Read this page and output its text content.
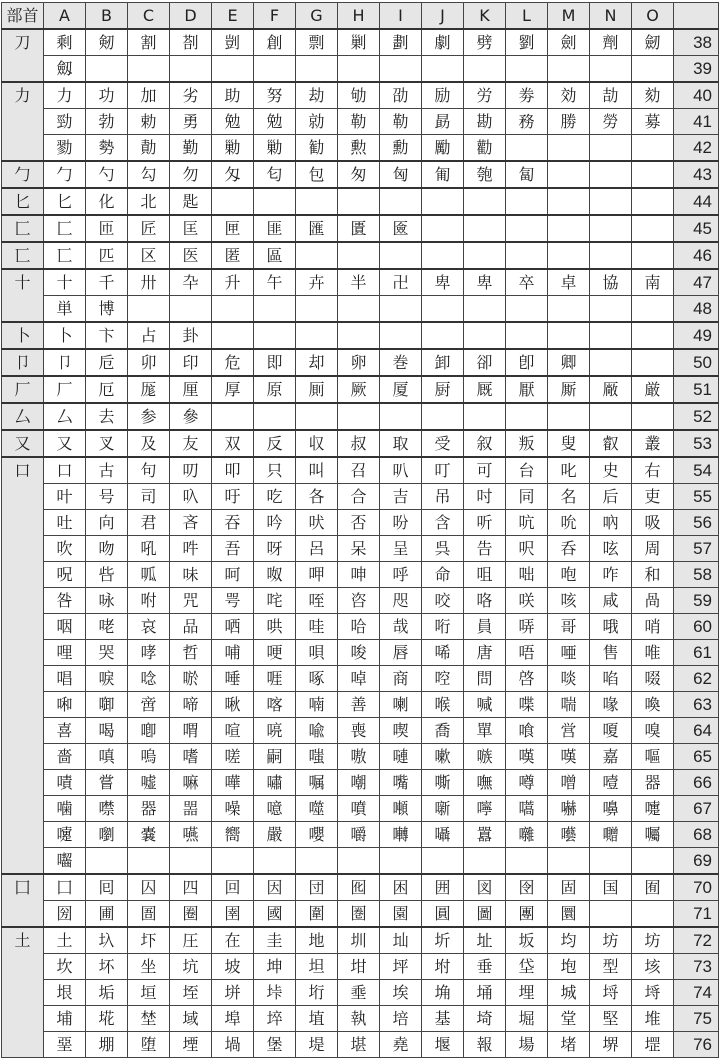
部首	A	B	C	D	E	F	G	H	I	J	K	L	M	N	O	
刀	剩	剱	割	剳	剴	創	剽	剿	劃	劇	劈	劉	劍	劑	劒	38
	劔															39
力	力	功	加	劣	助	努	劫	劬	劭	励	労	劵	効	劼	劾	40
	勁	勃	勅	勇	勉	勉	勍	勒	勒	勗	勘	務	勝	勞	募	41
	勠	勢	勣	勤	勦	勦	勧	勲	勳	勵	勸					42
勹	勹	勺	勾	勿	匁	匂	包	匆	匈	匍	匏	匐				43
匕	匕	化	北	匙												44
匚	匚	匝	匠	匡	匣	匪	匯	匱	匳							45
匸	匸	匹	区	医	匿	區										46
十	十	千	卅	卆	升	午	卉	半	卍	卑	卑	卒	卓	協	南	47
	単	博														48
卜	卜	卞	占	卦												49
卩	卩	卮	卯	印	危	即	却	卵	巻	卸	卻	卽	卿			50
厂	厂	厄	厖	厘	厚	原	厠	厥	厦	厨	厩	厭	厮	厰	厳	51
厶	厶	去	参	參												52
又	又	叉	及	友	双	反	収	叔	取	受	叙	叛	叟	叡	叢	53
口	口	古	句	叨	叩	只	叫	召	叭	叮	可	台	叱	史	右	54
	叶	号	司	叺	吁	吃	各	合	吉	吊	吋	同	名	后	吏	55
	吐	向	君	吝	吞	吟	吠	否	吩	含	听	吭	吮	吶	吸	56
	吹	吻	吼	吽	吾	呀	呂	呆	呈	呉	告	呎	呑	呟	周	57
	呪	呰	呱	味	呵	呶	呷	呻	呼	命	咀	咄	咆	咋	和	58
	咎	咏	咐	咒	咢	咤	咥	咨	咫	咬	咯	咲	咳	咸	咼	59
	咽	咾	哀	品	哂	哄	哇	哈	哉	哘	員	哢	哥	哦	哨	60
	哩	哭	哮	哲	哺	哽	唄	唆	唇	唏	唐	唔	唖	售	唯	61
	唱	唳	唸	唹	唾	啀	啄	啅	商	啌	問	啓	啖	啗	啜	62
	啝	啣	啻	啼	啾	喀	喃	善	喇	喉	喊	喋	喘	喙	喚	63
	喜	喝	喞	喟	喧	喨	喩	喪	喫	喬	單	喰	営	嗄	嗅	64
	嗇	嗔	嗚	嗜	嗟	嗣	嗤	嗷	嗹	嗽	嗾	嘆	嘆	嘉	嘔	65
	嘖	嘗	嘘	嘛	嘩	嘯	嘱	嘲	嘴	嘶	嘸	噂	噌	噎	器	66
	噛	噤	器	噐	噪	噫	噬	噴	噸	噺	嚀	嚆	嚇	嚊	嚏	67
	嚔	嚠	嚢	嚥	嚮	嚴	嚶	嚼	囀	囁	囂	囃	囈	囎	囑	68
	囓															69
囗	囗	囘	囚	四	回	因	団	囮	困	囲	図	囹	固	国	囿	70
	圀	圃	圄	圈	圉	國	圍	圏	園	圓	圖	團	圜			71
土	土	圦	圷	圧	在	圭	地	圳	圸	圻	址	坂	均	坊	坊	72
	坎	坏	坐	坑	坡	坤	坦	坩	坪	坿	垂	垈	垉	型	垓	73
	垠	垢	垣	垤	垪	垰	垳	埀	埃	埆	埇	埋	城	埒	埓	74
	埔	埖	埜	域	埠	埣	埴	執	培	基	埼	堀	堂	堅	堆	75
	堊	堋	堕	堙	堝	堡	堤	堪	堯	堰	報	場	堵	堺	堽	76
